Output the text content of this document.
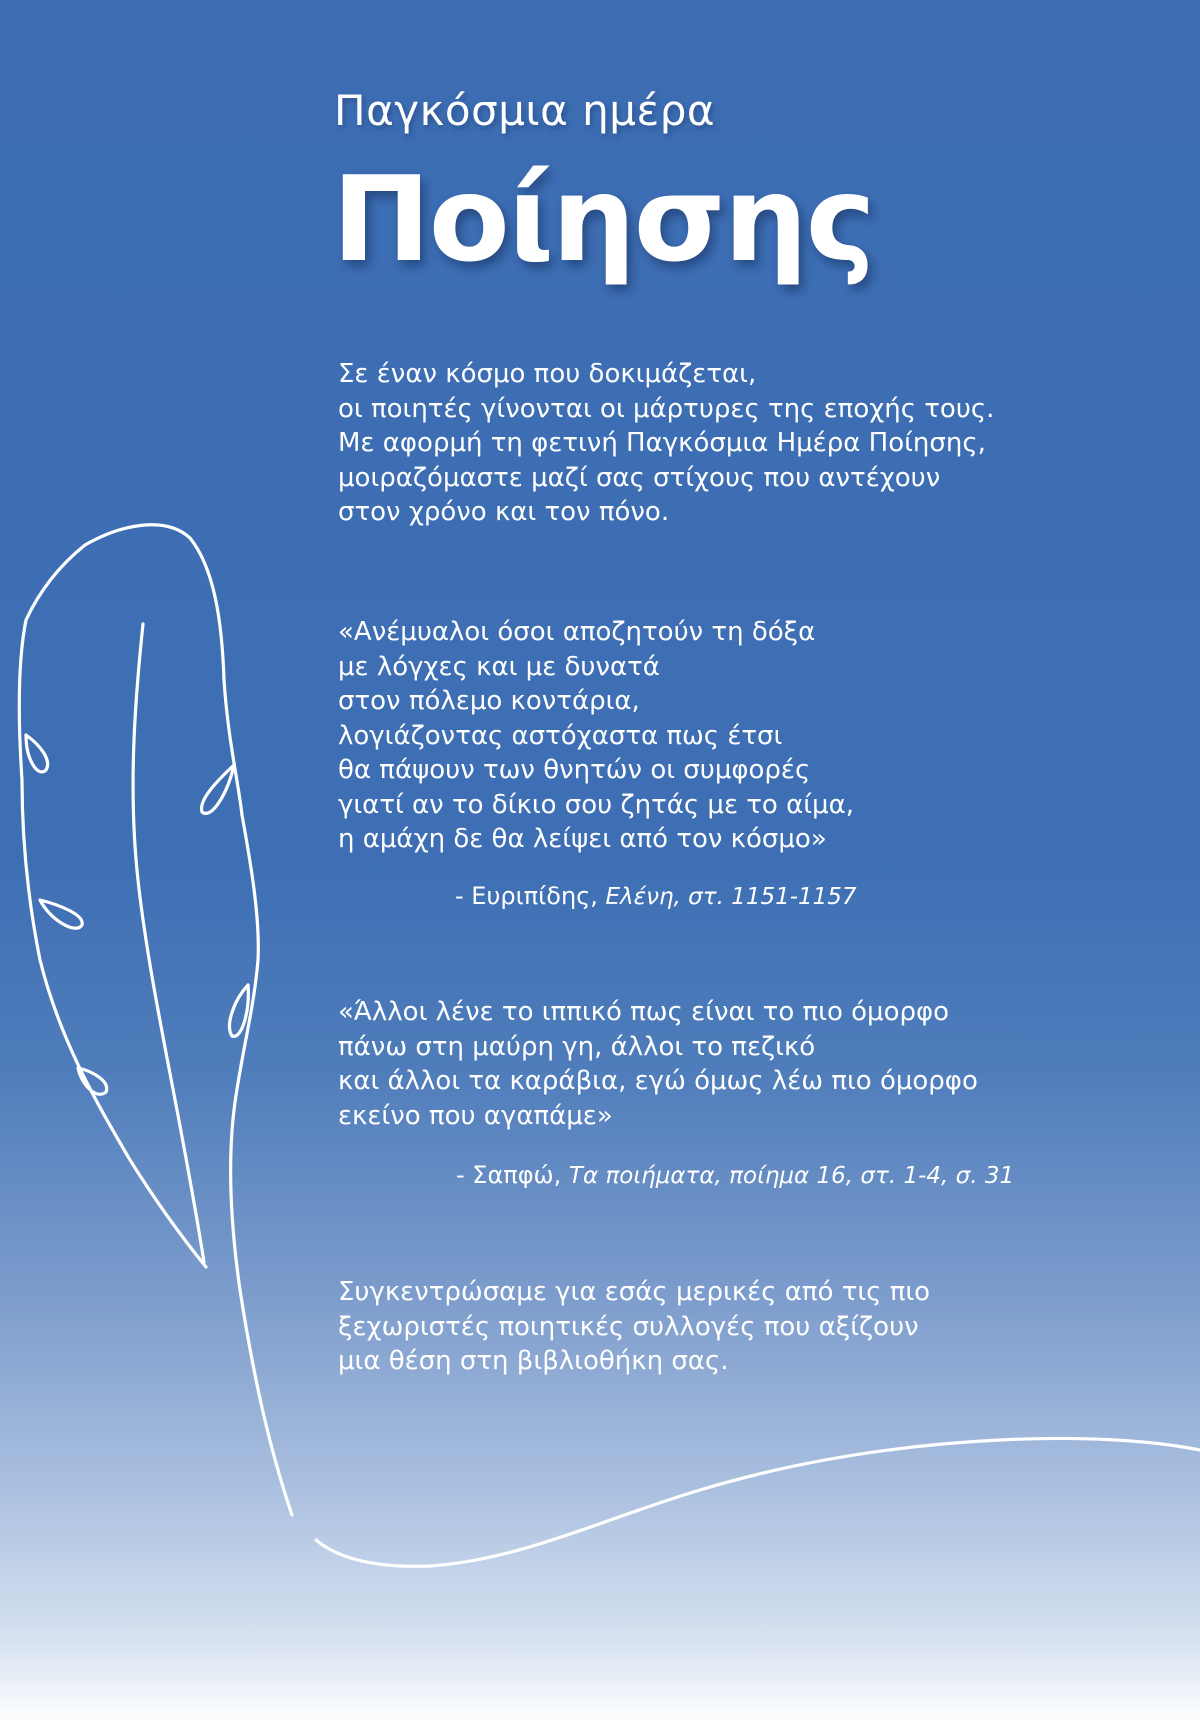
Παγκόσμια ημέρα
Ποίησης
Σε έναν κόσμο που δοκιμάζεται,
οι ποιητές γίνονται οι μάρτυρες της εποχής τους.
Με αφορμή τη φετινή Παγκόσμια Ημέρα Ποίησης,
μοιραζόμαστε μαζί σας στίχους που αντέχουν
στον χρόνο και τον πόνο.
«Ανέμυαλοι όσοι αποζητούν τη δόξα
με λόγχες και με δυνατά
στον πόλεμο κοντάρια,
λογιάζοντας αστόχαστα πως έτσι
θα πάψουν των θνητών οι συμφορές
γιατί αν το δίκιο σου ζητάς με το αίμα,
η αμάχη δε θα λείψει από τον κόσμο»
- Ευριπίδης, Ελένη, στ. 1151-1157
«Άλλοι λένε το ιππικό πως είναι το πιο όμορφο
πάνω στη μαύρη γη, άλλοι το πεζικό
και άλλοι τα καράβια, εγώ όμως λέω πιο όμορφο
εκείνο που αγαπάμε»
- Σαπφώ, Τα ποιήματα, ποίημα 16, στ. 1-4, σ. 31
Συγκεντρώσαμε για εσάς μερικές από τις πιο
ξεχωριστές ποιητικές συλλογές που αξίζουν
μια θέση στη βιβλιοθήκη σας.
